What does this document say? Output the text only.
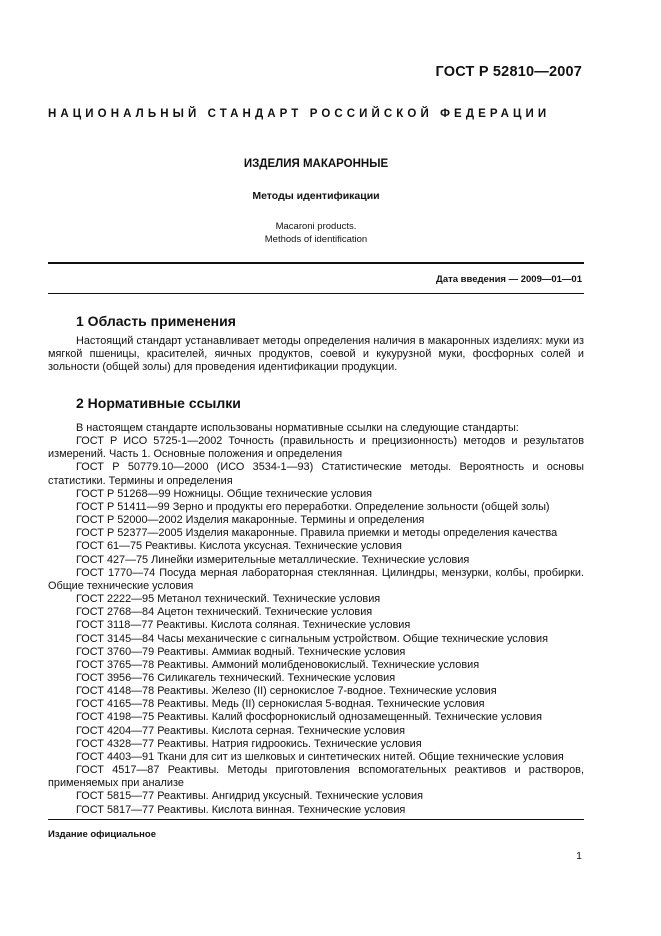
ГОСТ Р 52810—2007
НАЦИОНАЛЬНЫЙ СТАНДАРТ РОССИЙСКОЙ ФЕДЕРАЦИИ
ИЗДЕЛИЯ МАКАРОННЫЕ
Методы идентификации
Macaroni products.
Methods of identification
Дата введения — 2009—01—01
1 Область применения

Настоящий стандарт устанавливает методы определения наличия в макаронных изделиях: муки из мягкой пшеницы, красителей, яичных продуктов, соевой и кукурузной муки, фосфорных солей и зольности (общей золы) для проведения идентификации продукции.

2 Нормативные ссылки
В настоящем стандарте использованы нормативные ссылки на следующие стандарты:
ГОСТ Р ИСО 5725-1—2002 Точность (правильность и прецизионность) методов и результатов измерений. Часть 1. Основные положения и определения
ГОСТ Р 50779.10—2000 (ИСО 3534-1—93) Статистические методы. Вероятность и основы статистики. Термины и определения
ГОСТ Р 51268—99 Ножницы. Общие технические условия
ГОСТ Р 51411—99 Зерно и продукты его переработки. Определение зольности (общей золы)
ГОСТ Р 52000—2002 Изделия макаронные. Термины и определения
ГОСТ Р 52377—2005 Изделия макаронные. Правила приемки и методы определения качества
ГОСТ 61—75 Реактивы. Кислота уксусная. Технические условия
ГОСТ 427—75 Линейки измерительные металлические. Технические условия
ГОСТ 1770—74 Посуда мерная лабораторная стеклянная. Цилиндры, мензурки, колбы, пробирки. Общие технические условия
ГОСТ 2222—95 Метанол технический. Технические условия
ГОСТ 2768—84 Ацетон технический. Технические условия
ГОСТ 3118—77 Реактивы. Кислота соляная. Технические условия
ГОСТ 3145—84 Часы механические с сигнальным устройством. Общие технические условия
ГОСТ 3760—79 Реактивы. Аммиак водный. Технические условия
ГОСТ 3765—78 Реактивы. Аммоний молибденовокислый. Технические условия
ГОСТ 3956—76 Силикагель технический. Технические условия
ГОСТ 4148—78 Реактивы. Железо (II) сернокислое 7-водное. Технические условия
ГОСТ 4165—78 Реактивы. Медь (II) сернокислая 5-водная. Технические условия
ГОСТ 4198—75 Реактивы. Калий фосфорнокислый однозамещенный. Технические условия
ГОСТ 4204—77 Реактивы. Кислота серная. Технические условия
ГОСТ 4328—77 Реактивы. Натрия гидроокись. Технические условия
ГОСТ 4403—91 Ткани для сит из шелковых и синтетических нитей. Общие технические условия
ГОСТ 4517—87 Реактивы. Методы приготовления вспомогательных реактивов и растворов, применяемых при анализе
ГОСТ 5815—77 Реактивы. Ангидрид уксусный. Технические условия
ГОСТ 5817—77 Реактивы. Кислота винная. Технические условия
Издание официальное
1
